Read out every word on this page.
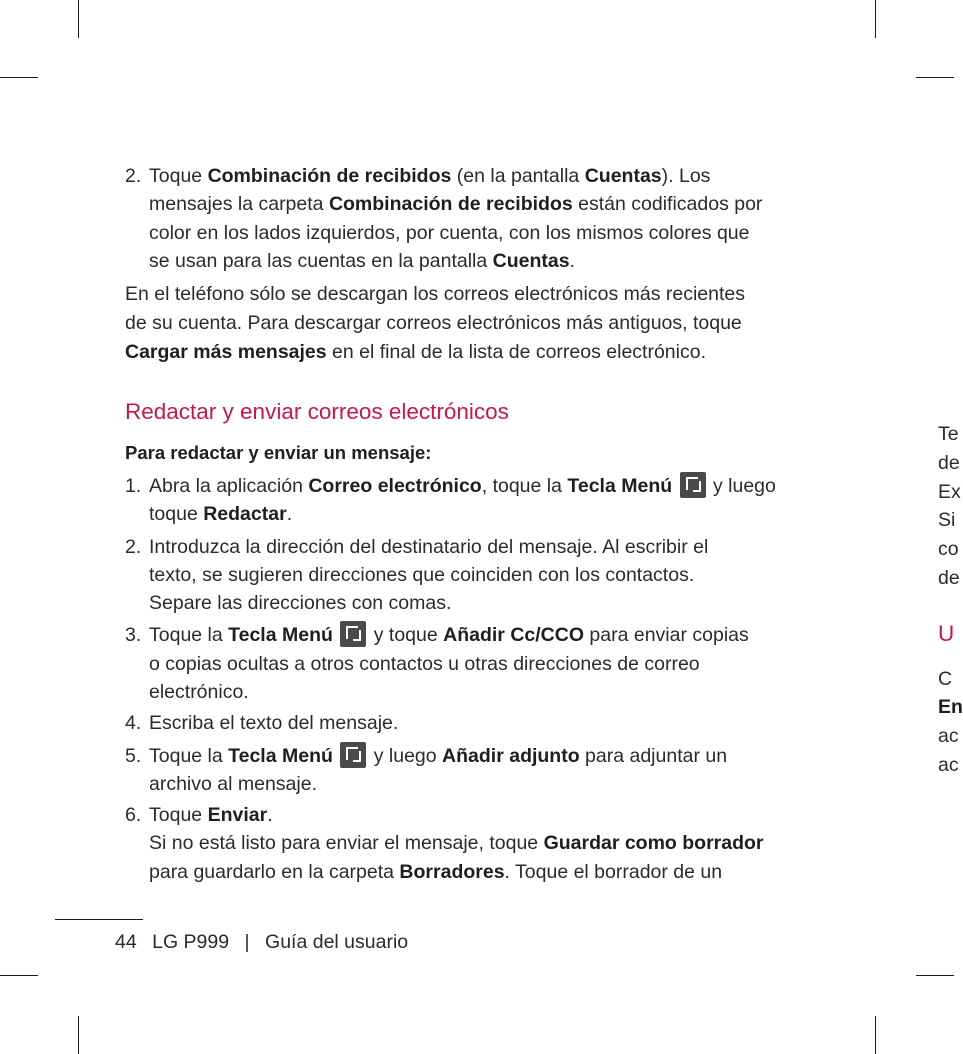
2. Toque Combinación de recibidos (en la pantalla Cuentas). Los

mensajes la carpeta Combinación de recibidos están codificados por

color en los lados izquierdos, por cuenta, con los mismos colores que

se usan para las cuentas en la pantalla Cuentas.

En el teléfono sólo se descargan los correos electrónicos más recientes

de su cuenta. Para descargar correos electrónicos más antiguos, toque

Cargar más mensajes en el final de la lista de correos electrónico.

Redactar y enviar correos electrónicos
Para redactar y enviar un mensaje:
1. Abra la aplicación Correo electrónico, toque la Tecla Menú  y luego

toque Redactar.

2. Introduzca la dirección del destinatario del mensaje. Al escribir el

texto, se sugieren direcciones que coinciden con los contactos.

Separe las direcciones con comas.

3. Toque la Tecla Menú  y toque Añadir Cc/CCO para enviar copias

o copias ocultas a otros contactos u otras direcciones de correo

electrónico.

4. Escriba el texto del mensaje.

5. Toque la Tecla Menú  y luego Añadir adjunto para adjuntar un

archivo al mensaje.

6. Toque Enviar.

Si no está listo para enviar el mensaje, toque Guardar como borrador

para guardarlo en la carpeta Borradores. Toque el borrador de un

44 LG P999 | Guía del usuario
Te
de
Ex
Si
co
de
U
C
En
ac
ac
